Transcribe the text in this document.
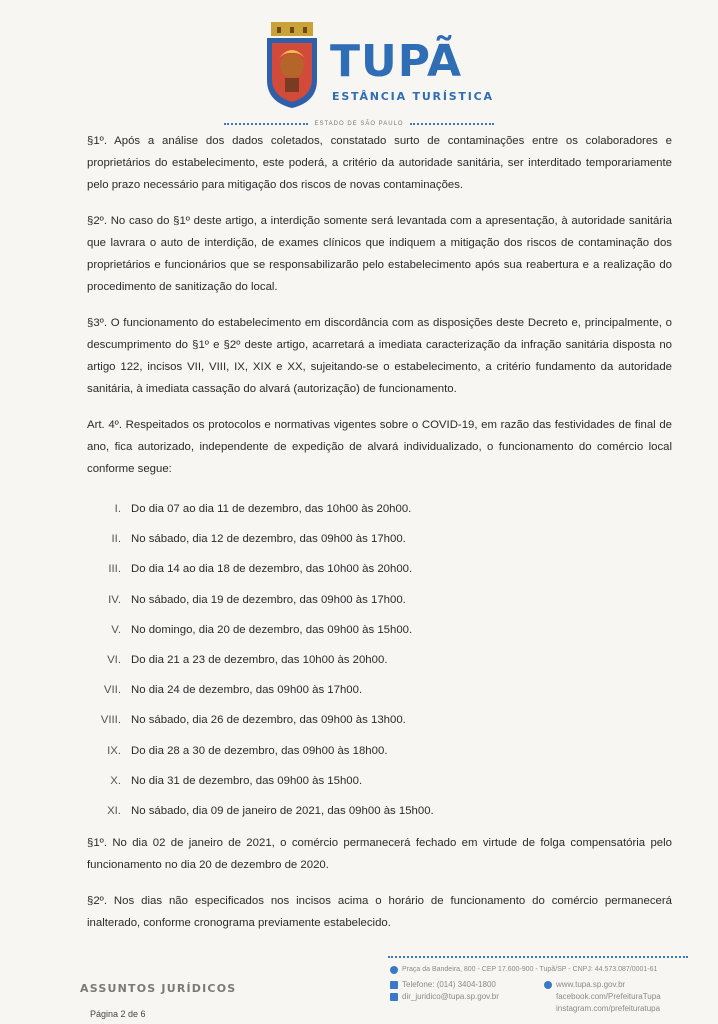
TUPÃ
ESTÂNCIA TURÍSTICA
ESTADO DE SÃO PAULO

§1º. Após a análise dos dados coletados, constatado surto de contaminações entre os colaboradores e proprietários do estabelecimento, este poderá, a critério da autoridade sanitária, ser interditado temporariamente pelo prazo necessário para mitigação dos riscos de novas contaminações.

§2º. No caso do §1º deste artigo, a interdição somente será levantada com a apresentação, à autoridade sanitária que lavrara o auto de interdição, de exames clínicos que indiquem a mitigação dos riscos de contaminação dos proprietários e funcionários que se responsabilizarão pelo estabelecimento após sua reabertura e a realização do procedimento de sanitização do local.

§3º. O funcionamento do estabelecimento em discordância com as disposições deste Decreto e, principalmente, o descumprimento do §1º e §2º deste artigo, acarretará a imediata caracterização da infração sanitária disposta no artigo 122, incisos VII, VIII, IX, XIX e XX, sujeitando-se o estabelecimento, a critério fundamento da autoridade sanitária, à imediata cassação do alvará (autorização) de funcionamento.

Art. 4º. Respeitados os protocolos e normativas vigentes sobre o COVID-19, em razão das festividades de final de ano, fica autorizado, independente de expedição de alvará individualizado, o funcionamento do comércio local conforme segue:

I. Do dia 07 ao dia 11 de dezembro, das 10h00 às 20h00.
II. No sábado, dia 12 de dezembro, das 09h00 às 17h00.
III. Do dia 14 ao dia 18 de dezembro, das 10h00 às 20h00.
IV. No sábado, dia 19 de dezembro, das 09h00 às 17h00.
V. No domingo, dia 20 de dezembro, das 09h00 às 15h00.
VI. Do dia 21 a 23 de dezembro, das 10h00 às 20h00.
VII. No dia 24 de dezembro, das 09h00 às 17h00.
VIII. No sábado, dia 26 de dezembro, das 09h00 às 13h00.
IX. Do dia 28 a 30 de dezembro, das 09h00 às 18h00.
X. No dia 31 de dezembro, das 09h00 às 15h00.
XI. No sábado, dia 09 de janeiro de 2021, das 09h00 às 15h00.

§1º. No dia 02 de janeiro de 2021, o comércio permanecerá fechado em virtude de folga compensatória pelo funcionamento no dia 20 de dezembro de 2020.

§2º. Nos dias não especificados nos incisos acima o horário de funcionamento do comércio permanecerá inalterado, conforme cronograma previamente estabelecido.

ASSUNTOS JURÍDICOS
Página 2 de 6
Praça da Bandeira, 800 - CEP 17.600-900 - Tupã/SP - CNPJ: 44.573.087/0001-61
Telefone: (014) 3404-1800	www.tupa.sp.gov.br
dir_juridico@tupa.sp.gov.br	facebook.com/PrefeituraTupa
instagram.com/prefeituratupa
